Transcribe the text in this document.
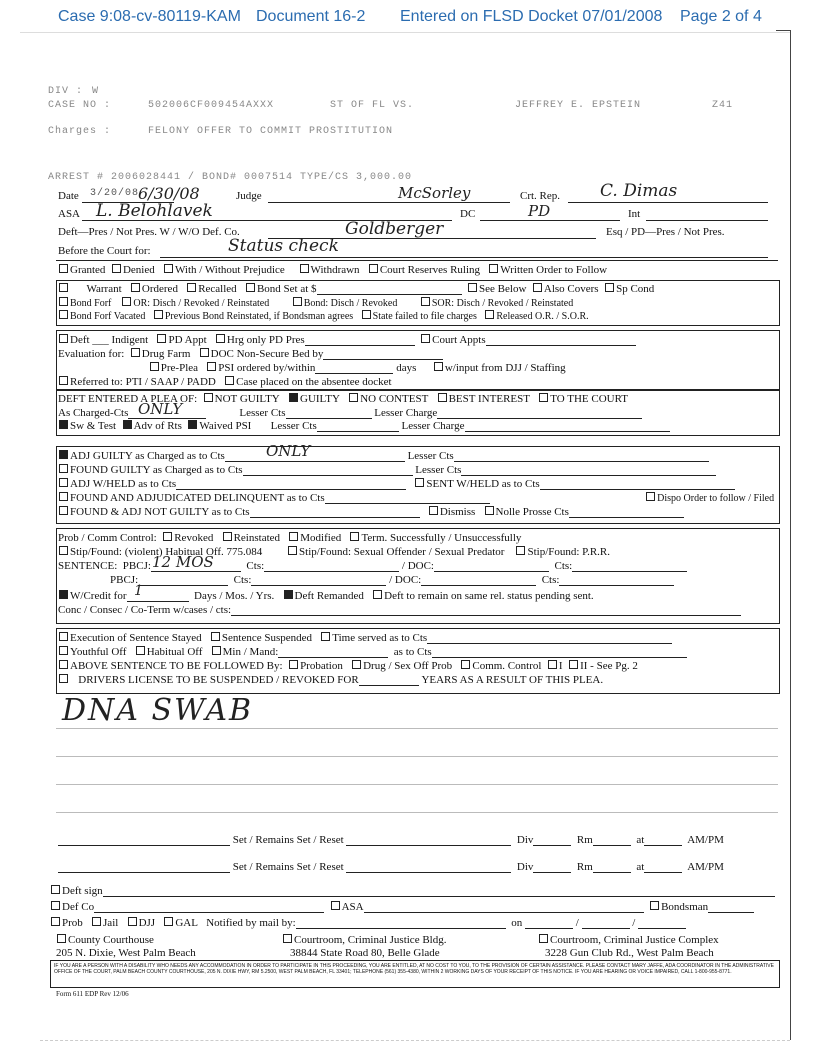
Case 9:08-cv-80119-KAM Document 16-2 Entered on FLSD Docket 07/01/2008 Page 2 of 4
DIV : W
CASE NO :	502006CF009454AXXX	ST OF FL VS.	JEFFREY E. EPSTEIN	Z41
Charges :	FELONY OFFER TO COMMIT PROSTITUTION
ARREST # 2006028441 / BOND# 0007514 TYPE/CS 3,000.00
Date 3/20/08
6/30/08	Judge	McSorley	Crt. Rep. C. Dimas
ASA L. Belohlavek	DC	PD	Int
Deft—Pres / Not Pres. W / W/O Def. Co.	Goldberger	Esq / PD—Pres / Not Pres.
Before the Court for:	Status check
Granted Denied With / Without Prejudice Withdrawn Court Reserves Ruling Written Order to Follow
Warrant Ordered Recalled Bond Set at $	See Below Also Covers Sp Cond
Bond Forf OR: Disch / Revoked / Reinstated	Bond: Disch / Revoked	SOR: Disch / Revoked / Reinstated
Bond Forf Vacated Previous Bond Reinstated, if Bondsman agrees State failed to file charges Released O.R. / S.O.R.
Deft ___ Indigent PD Appt Hrg only PD Pres	Court Appts
Evaluation for: Drug Farm DOC Non-Secure Bed by
Pre-Plea PSI ordered by/within	days	w/input from DJJ / Staffing
Referred to: PTI / SAAP / PADD Case placed on the absentee docket
DEFT ENTERED A PLEA OF: NOT GUILTY GUILTY NO CONTEST BEST INTEREST TO THE COURT
As Charged-Cts	Lesser Cts	Lesser Charge
ONLY
Sw & Test Adv of Rts Waived PSI Lesser Cts	Lesser Charge
ADJ GUILTY as Charged as to Cts	Lesser Cts
ONLY
FOUND GUILTY as Charged as to Cts	Lesser Cts
ADJ W/HELD as to Cts	SENT W/HELD as to Cts
FOUND AND ADJUDICATED DELINQUENT as to Cts	Dispo Order to follow / Filed
FOUND & ADJ NOT GUILTY as to Cts	Dismiss Nolle Prosse Cts
Prob / Comm Control: Revoked Reinstated Modified Term. Successfully / Unsuccessfully
Stip/Found: (violent) Habitual Off. 775.084	Stip/Found: Sexual Offender / Sexual Predator Stip/Found: P.R.R.
SENTENCE: PBCJ:	Cts:	/ DOC:	Cts:
12 MOS
PBCJ:	Cts:	/ DOC:	Cts:
W/Credit for	Days / Mos. / Yrs. Deft Remanded Deft to remain on same rel. status pending sent.
1
Conc / Consec / Co-Term w/cases / cts:
Execution of Sentence Stayed Sentence Suspended Time served as to Cts
Youthful Off Habitual Off Min / Mand:	as to Cts
ABOVE SENTENCE TO BE FOLLOWED By: Probation Drug / Sex Off Prob Comm. Control I II - See Pg. 2
DRIVERS LICENSE TO BE SUSPENDED / REVOKED FOR	YEARS AS A RESULT OF THIS PLEA.
DNA SWAB
Set / Remains Set / Reset	Div	Rm	at	AM/PM
Set / Remains Set / Reset	Div	Rm	at	AM/PM
Deft sign
Def Co	ASA	Bondsman
Prob Jail DJJ GAL Notified by mail by:	on	/	/
County Courthouse
205 N. Dixie, West Palm Beach
Courtroom, Criminal Justice Bldg.
38844 State Road 80, Belle Glade
Courtroom, Criminal Justice Complex
3228 Gun Club Rd., West Palm Beach
IF YOU ARE A PERSON WITH A DISABILITY WHO NEEDS ANY ACCOMMODATION IN ORDER TO PARTICIPATE IN THIS PROCEEDING, YOU ARE ENTITLED, AT NO COST TO YOU, TO THE PROVISION OF CERTAIN ASSISTANCE. PLEASE CONTACT MARY JAFFE, ADA COORDINATOR IN THE ADMINISTRATIVE OFFICE OF THE COURT, PALM BEACH COUNTY COURTHOUSE, 205 N. DIXIE HWY, RM 5.2500, WEST PALM BEACH, FL 33401; TELEPHONE (561) 355-4380, WITHIN 2 WORKING DAYS OF YOUR RECEIPT OF THIS NOTICE. IF YOU ARE HEARING OR VOICE IMPAIRED, CALL 1-800-955-8771.
Form 611 EDP Rev 12/06
